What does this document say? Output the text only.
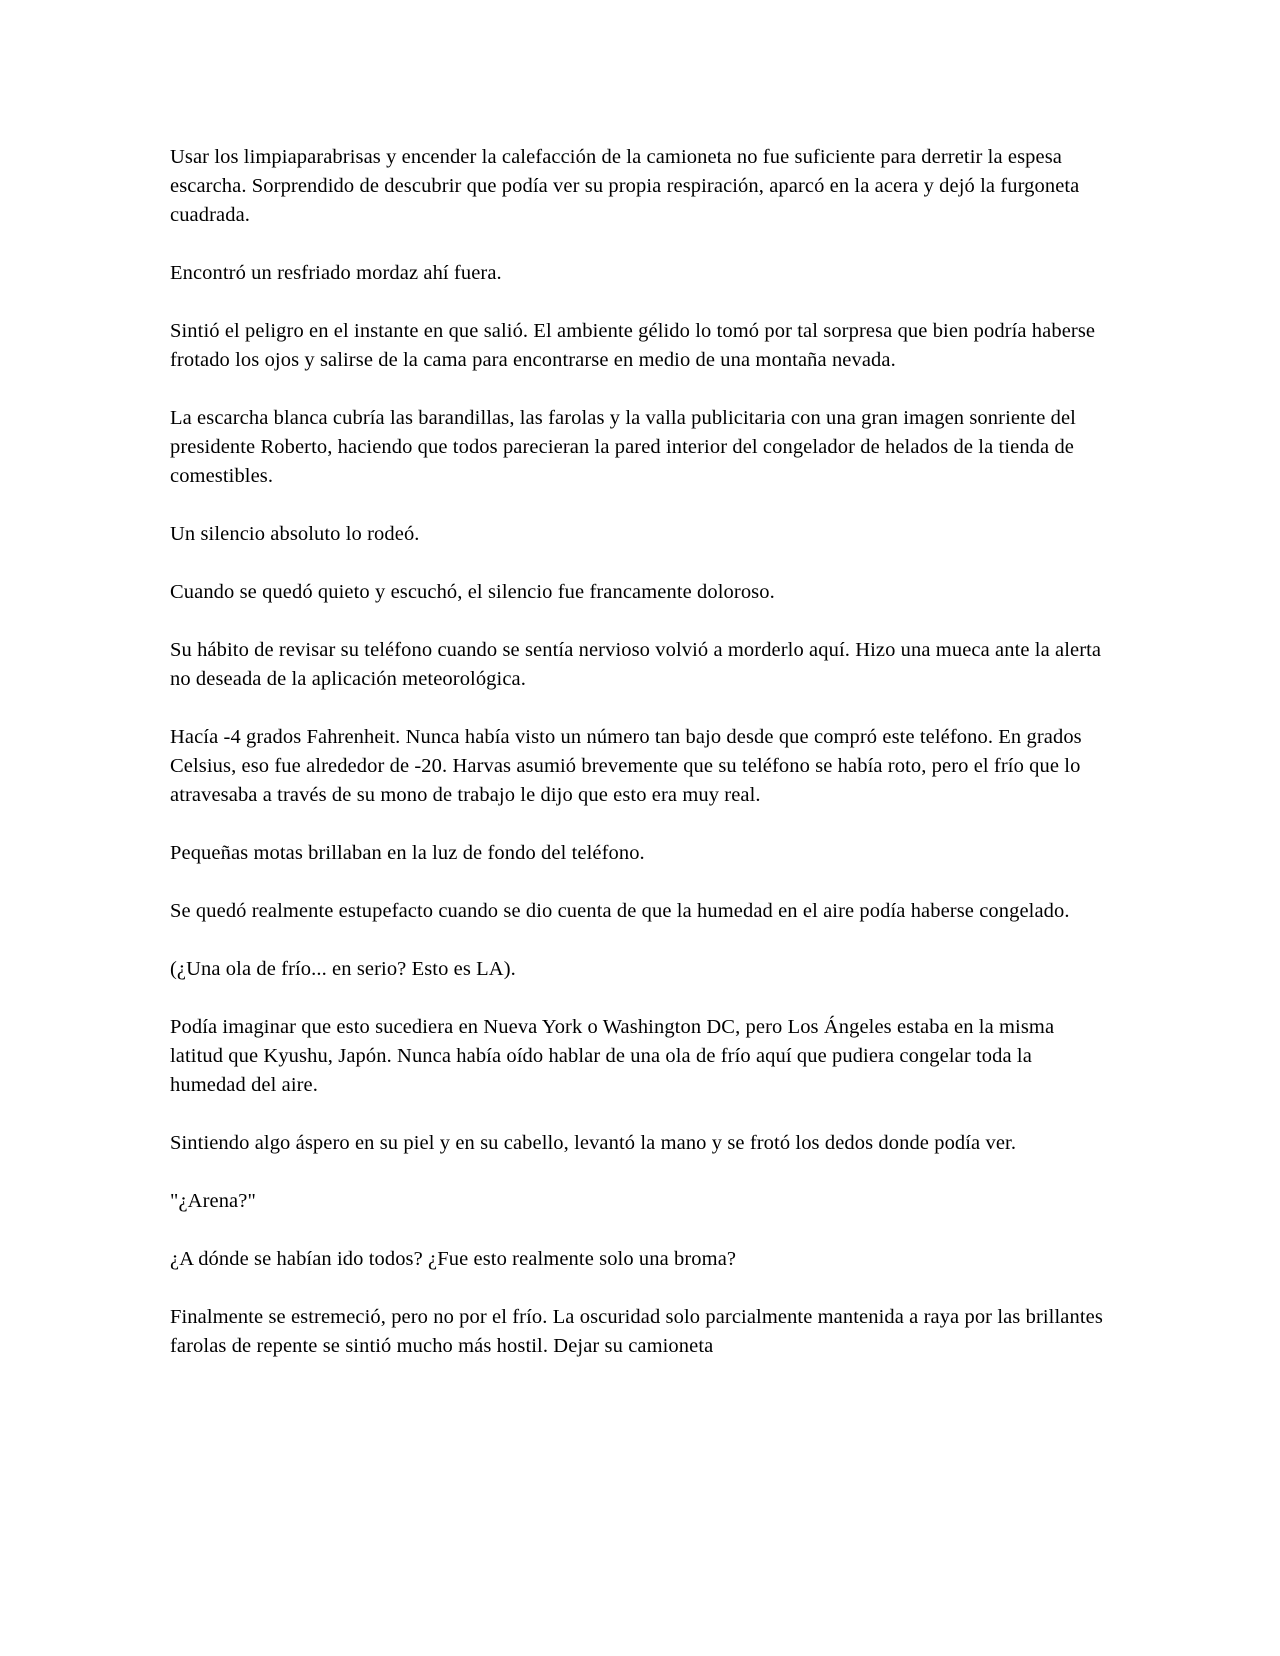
Usar los limpiaparabrisas y encender la calefacción de la camioneta no fue suficiente para derretir la espesa escarcha. Sorprendido de descubrir que podía ver su propia respiración, aparcó en la acera y dejó la furgoneta cuadrada.

Encontró un resfriado mordaz ahí fuera.

Sintió el peligro en el instante en que salió. El ambiente gélido lo tomó por tal sorpresa que bien podría haberse frotado los ojos y salirse de la cama para encontrarse en medio de una montaña nevada.

La escarcha blanca cubría las barandillas, las farolas y la valla publicitaria con una gran imagen sonriente del presidente Roberto, haciendo que todos parecieran la pared interior del congelador de helados de la tienda de comestibles.

Un silencio absoluto lo rodeó.

Cuando se quedó quieto y escuchó, el silencio fue francamente doloroso.

Su hábito de revisar su teléfono cuando se sentía nervioso volvió a morderlo aquí. Hizo una mueca ante la alerta no deseada de la aplicación meteorológica.

Hacía -4 grados Fahrenheit. Nunca había visto un número tan bajo desde que compró este teléfono. En grados Celsius, eso fue alrededor de -20. Harvas asumió brevemente que su teléfono se había roto, pero el frío que lo atravesaba a través de su mono de trabajo le dijo que esto era muy real.

Pequeñas motas brillaban en la luz de fondo del teléfono.

Se quedó realmente estupefacto cuando se dio cuenta de que la humedad en el aire podía haberse congelado.

(¿Una ola de frío... en serio? Esto es LA).

Podía imaginar que esto sucediera en Nueva York o Washington DC, pero Los Ángeles estaba en la misma latitud que Kyushu, Japón. Nunca había oído hablar de una ola de frío aquí que pudiera congelar toda la humedad del aire.

Sintiendo algo áspero en su piel y en su cabello, levantó la mano y se frotó los dedos donde podía ver.

"¿Arena?"

¿A dónde se habían ido todos? ¿Fue esto realmente solo una broma?

Finalmente se estremeció, pero no por el frío. La oscuridad solo parcialmente mantenida a raya por las brillantes farolas de repente se sintió mucho más hostil. Dejar su camioneta
